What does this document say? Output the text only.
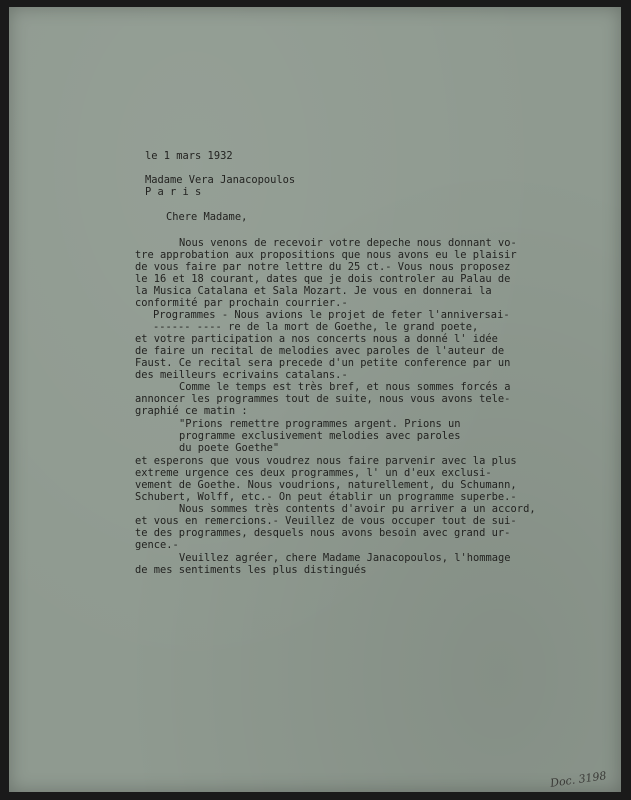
le 1 mars 1932
Madame Vera Janacopoulos
P a r i s
Chere Madame,
Nous venons de recevoir votre depeche nous donnant vo-
tre approbation aux propositions que nous avons eu le plaisir
de vous faire par notre lettre du 25 ct.- Vous nous proposez
le 16 et 18 courant, dates que je dois controler au Palau de
la Musica Catalana et Sala Mozart. Je vous en donnerai la
conformité par prochain courrier.-
Programmes - Nous avions le projet de feter l'anniversai-
------ ---- re de la mort de Goethe, le grand poete,
et votre participation a nos concerts nous a donné l' idée
de faire un recital de melodies avec paroles de l'auteur de
Faust. Ce recital sera precede d'un petite conference par un
des meilleurs ecrivains catalans.-
Comme le temps est très bref, et nous sommes forcés a
annoncer les programmes tout de suite, nous vous avons tele-
graphié ce matin :
"Prions remettre programmes argent. Prions un
programme exclusivement melodies avec paroles
du poete Goethe"
et esperons que vous voudrez nous faire parvenir avec la plus
extreme urgence ces deux programmes, l' un d'eux exclusi-
vement de Goethe. Nous voudrions, naturellement, du Schumann,
Schubert, Wolff, etc.- On peut établir un programme superbe.-
Nous sommes très contents d'avoir pu arriver a un accord,
et vous en remercions.- Veuillez de vous occuper tout de sui-
te des programmes, desquels nous avons besoin avec grand ur-
gence.-
Veuillez agréer, chere Madame Janacopoulos, l'hommage
de mes sentiments les plus distingués
Doc. 3198
